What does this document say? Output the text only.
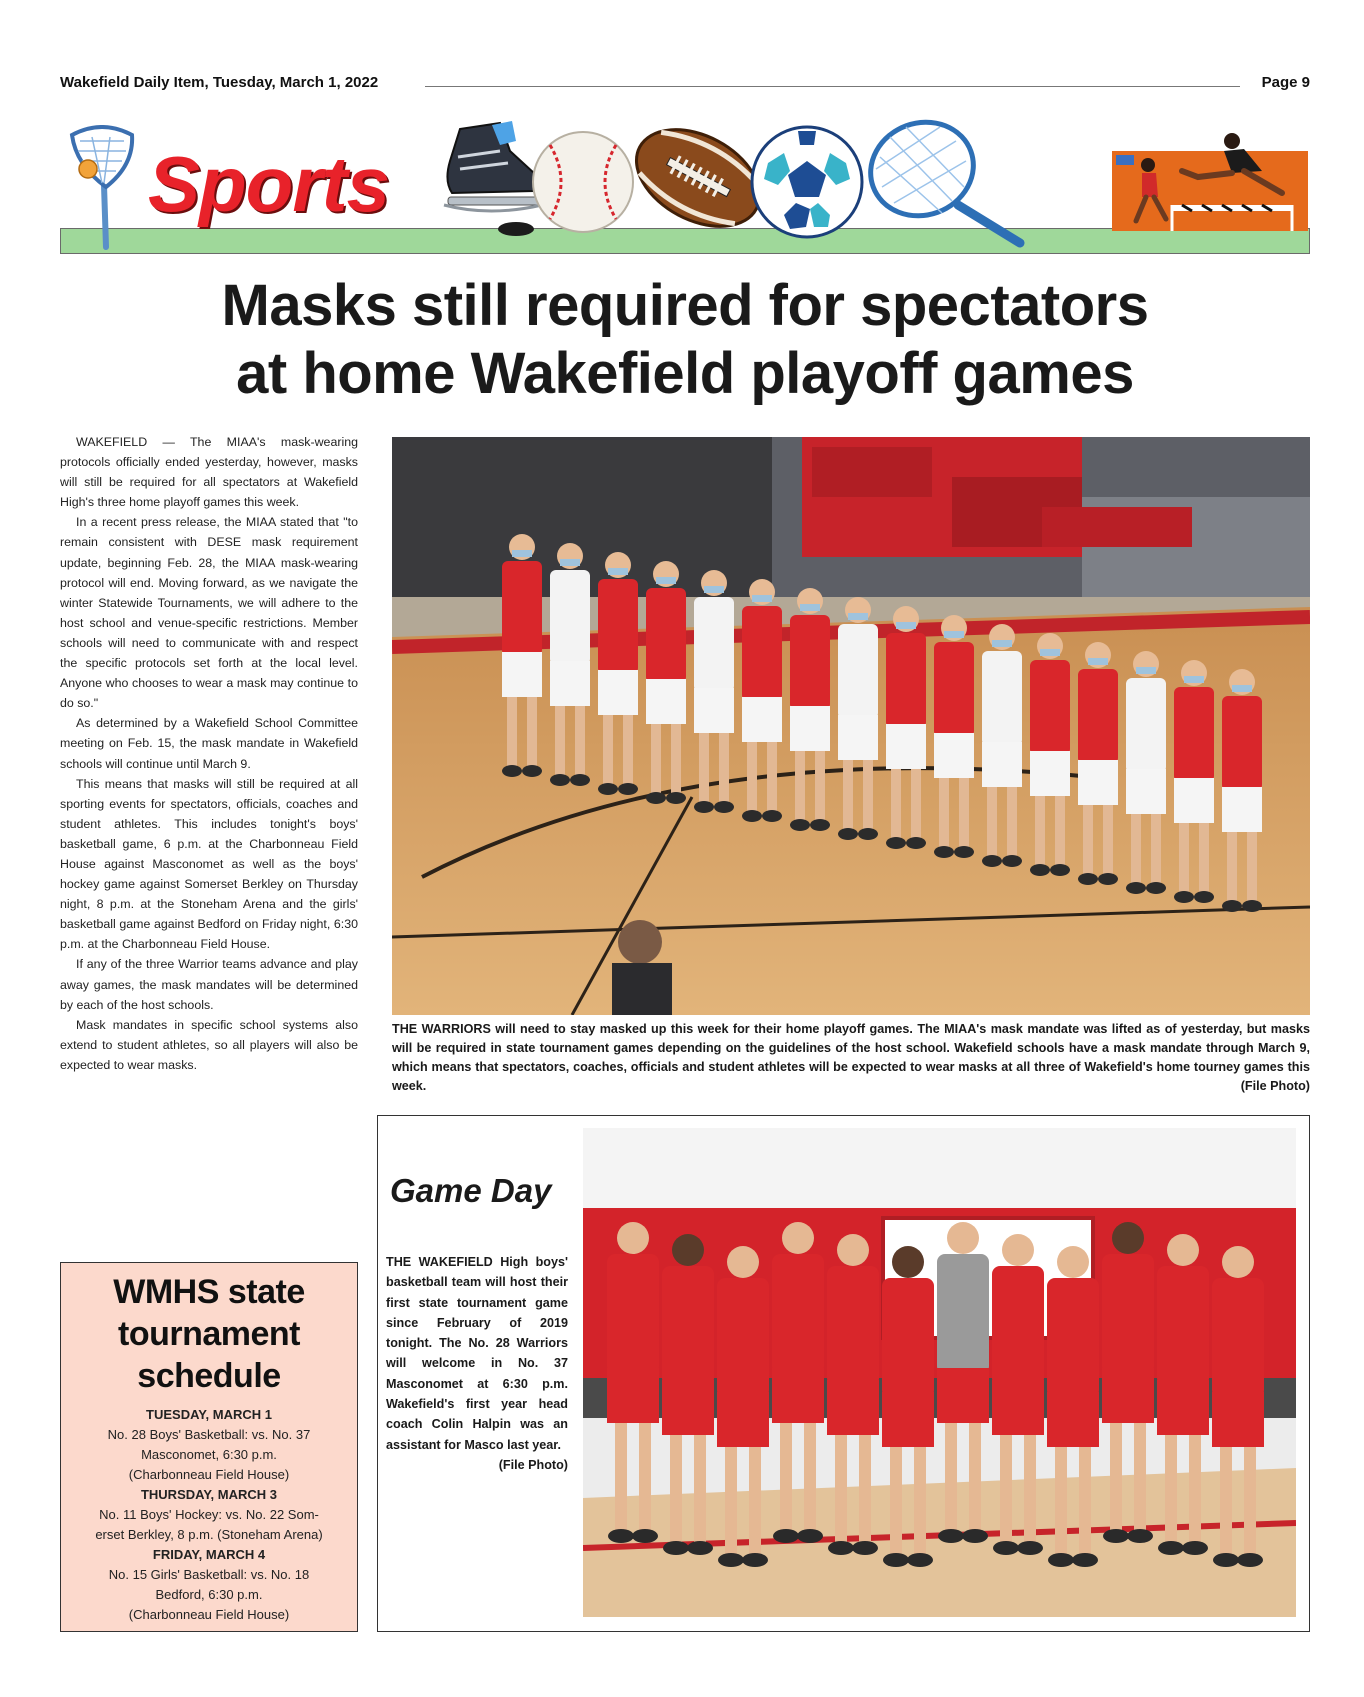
Wakefield Daily Item, Tuesday, March 1, 2022	Page 9
Sports
Masks still required for spectators
at home Wakefield playoff games

WAKEFIELD — The MIAA's mask-wearing protocols officially ended yesterday, however, masks will still be required for all spectators at Wakefield High's three home playoff games this week.

In a recent press release, the MIAA stated that "to remain consistent with DESE mask requirement update, beginning Feb. 28, the MIAA mask-wearing protocol will end. Moving forward, as we navigate the winter Statewide Tournaments, we will adhere to the host school and venue-specific restrictions. Member schools will need to communicate with and respect the specific protocols set forth at the local level. Anyone who chooses to wear a mask may continue to do so."

As determined by a Wakefield School Committee meeting on Feb. 15, the mask mandate in Wakefield schools will continue until March 9.

This means that masks will still be required at all sporting events for spectators, officials, coaches and student athletes. This includes tonight's boys' basketball game, 6 p.m. at the Charbonneau Field House against Masconomet as well as the boys' hockey game against Somerset Berkley on Thursday night, 8 p.m. at the Stoneham Arena and the girls' basketball game against Bedford on Friday night, 6:30 p.m. at the Charbonneau Field House.

If any of the three Warrior teams advance and play away games, the mask mandates will be determined by each of the host schools.

Mask mandates in specific school systems also extend to student athletes, so all players will also be expected to wear masks.

WMHS state
tournament
schedule
TUESDAY, MARCH 1
No. 28 Boys' Basketball: vs. No. 37
Masconomet, 6:30 p.m.
(Charbonneau Field House)
THURSDAY, MARCH 3
No. 11 Boys' Hockey: vs. No. 22 Som-
erset Berkley, 8 p.m. (Stoneham Arena)
FRIDAY, MARCH 4
No. 15 Girls' Basketball: vs. No. 18
Bedford, 6:30 p.m.
(Charbonneau Field House)
THE WARRIORS will need to stay masked up this week for their home playoff games. The MIAA's mask mandate was lifted as of yesterday, but masks will be required in state tournament games depending on the guidelines of the host school. Wakefield schools have a mask mandate through March 9, which means that spectators, coaches, officials and student athletes will be expected to wear masks at all three of Wakefield's home tourney games this week.	(File Photo)
Game Day
THE WAKEFIELD High boys' basketball team will host their first state tournament game since February of 2019 tonight. The No. 28 Warriors will welcome in No. 37 Masconomet at 6:30 p.m. Wakefield's first year head coach Colin Halpin was an assistant for Masco last year.
(File Photo)
